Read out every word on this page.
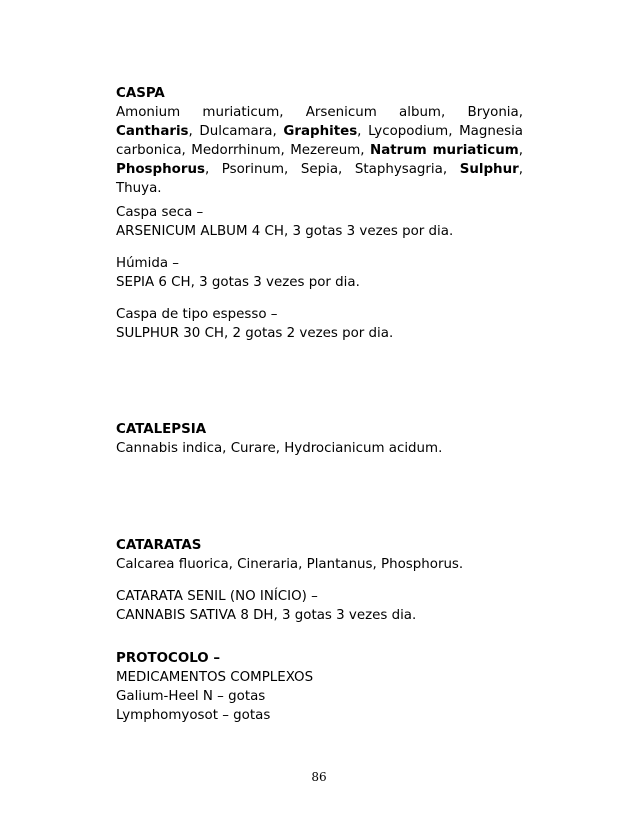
CASPA

Amonium muriaticum, Arsenicum album, Bryonia, Cantharis, Dulcamara, Graphites, Lycopodium, Magnesia carbonica, Medorrhinum, Mezereum, Natrum muriaticum, Phosphorus, Psorinum, Sepia, Staphysagria, Sulphur, Thuya.

Caspa seca –

ARSENICUM ALBUM 4 CH, 3 gotas 3 vezes por dia.

Húmida –

SEPIA 6 CH, 3 gotas 3 vezes por dia.

Caspa de tipo espesso –

SULPHUR 30 CH, 2 gotas 2 vezes por dia.

CATALEPSIA

Cannabis indica, Curare, Hydrocianicum acidum.

CATARATAS

Calcarea fluorica, Cineraria, Plantanus, Phosphorus.

CATARATA SENIL (NO INÍCIO) –

CANNABIS SATIVA 8 DH, 3 gotas 3 vezes dia.

PROTOCOLO –

MEDICAMENTOS COMPLEXOS

Galium-Heel N – gotas

Lymphomyosot – gotas

86
